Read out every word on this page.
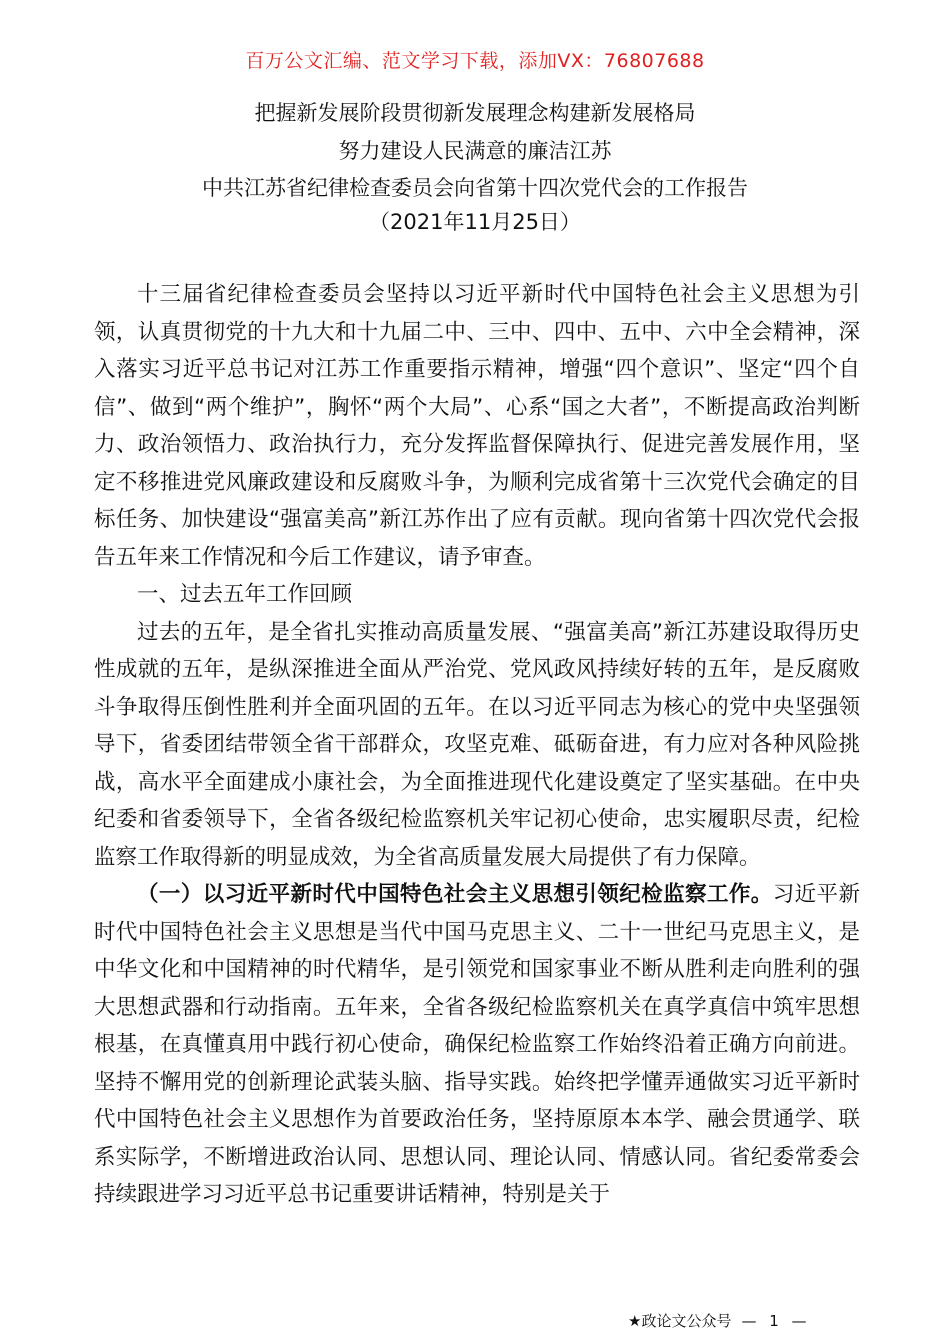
百万公文汇编、范文学习下载，添加VX：76807688
把握新发展阶段贯彻新发展理念构建新发展格局
努力建设人民满意的廉洁江苏
中共江苏省纪律检查委员会向省第十四次党代会的工作报告
（2021年11月25日）

十三届省纪律检查委员会坚持以习近平新时代中国特色社会主义思想为引领，认真贯彻党的十九大和十九届二中、三中、四中、五中、六中全会精神，深入落实习近平总书记对江苏工作重要指示精神，增强“四个意识”、坚定“四个自信”、做到“两个维护”，胸怀“两个大局”、心系“国之大者”，不断提高政治判断力、政治领悟力、政治执行力，充分发挥监督保障执行、促进完善发展作用，坚定不移推进党风廉政建设和反腐败斗争，为顺利完成省第十三次党代会确定的目标任务、加快建设“强富美高”新江苏作出了应有贡献。现向省第十四次党代会报告五年来工作情况和今后工作建议，请予审查。

一、过去五年工作回顾

过去的五年，是全省扎实推动高质量发展、“强富美高”新江苏建设取得历史性成就的五年，是纵深推进全面从严治党、党风政风持续好转的五年，是反腐败斗争取得压倒性胜利并全面巩固的五年。在以习近平同志为核心的党中央坚强领导下，省委团结带领全省干部群众，攻坚克难、砥砺奋进，有力应对各种风险挑战，高水平全面建成小康社会，为全面推进现代化建设奠定了坚实基础。在中央纪委和省委领导下，全省各级纪检监察机关牢记初心使命，忠实履职尽责，纪检监察工作取得新的明显成效，为全省高质量发展大局提供了有力保障。

（一）以习近平新时代中国特色社会主义思想引领纪检监察工作。习近平新时代中国特色社会主义思想是当代中国马克思主义、二十一世纪马克思主义，是中华文化和中国精神的时代精华，是引领党和国家事业不断从胜利走向胜利的强大思想武器和行动指南。五年来，全省各级纪检监察机关在真学真信中筑牢思想根基，在真懂真用中践行初心使命，确保纪检监察工作始终沿着正确方向前进。坚持不懈用党的创新理论武装头脑、指导实践。始终把学懂弄通做实习近平新时代中国特色社会主义思想作为首要政治任务，坚持原原本本学、融会贯通学、联系实际学，不断增进政治认同、思想认同、理论认同、情感认同。省纪委常委会持续跟进学习习近平总书记重要讲话精神，特别是关于

★政论文公众号 — 1 —
